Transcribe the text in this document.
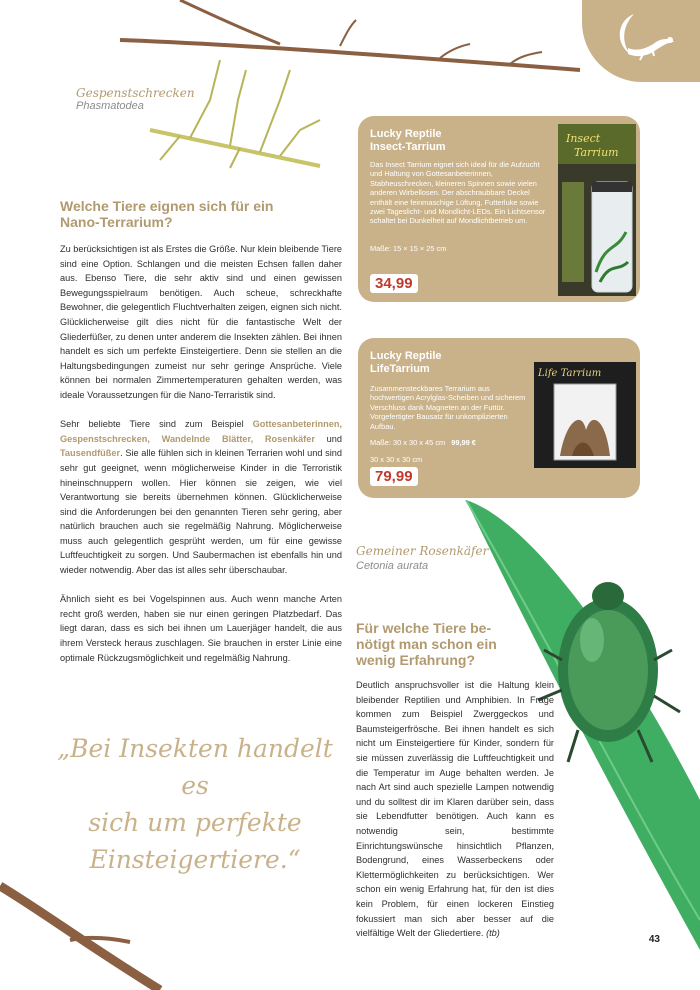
Gespenstschrecken
Phasmatodea
Welche Tiere eignen sich für ein
Nano-Terrarium?

Zu berücksichtigen ist als Erstes die Größe. Nur klein bleibende Tiere sind eine Option. Schlangen und die meisten Echsen fallen daher aus. Ebenso Tiere, die sehr aktiv sind und einen gewissen Bewegungsspielraum benötigen. Auch scheue, schreckhafte Bewohner, die gelegentlich Fluchtverhalten zeigen, eignen sich nicht. Glücklicherweise gilt dies nicht für die fantastische Welt der Gliederfüßer, zu denen unter anderem die Insekten zählen. Bei ihnen handelt es sich um perfekte Einsteigertiere. Denn sie stellen an die Haltungsbedingungen zumeist nur sehr geringe Ansprüche. Viele können bei normalen Zimmertemperaturen gehalten werden, was ideale Voraussetzungen für die Nano-Terraristik sind.

Sehr beliebte Tiere sind zum Beispiel Gottesanbeterinnen, Gespenstschrecken, Wandelnde Blätter, Rosenkäfer und Tausendfüßer. Sie alle fühlen sich in kleinen Terrarien wohl und sind sehr gut geeignet, wenn möglicherweise Kinder in die Terroristik hineinschnuppern wollen. Hier können sie zeigen, wie viel Verantwortung sie bereits übernehmen können. Glücklicherweise sind die Anforderungen bei den genannten Tieren sehr gering, aber natürlich brauchen auch sie regelmäßig Nahrung. Möglicherweise muss auch gelegentlich gesprüht werden, um für eine gewisse Luftfeuchtigkeit zu sorgen. Und Saubermachen ist ebenfalls hin und wieder notwendig. Aber das ist alles sehr überschaubar.

Ähnlich sieht es bei Vogelspinnen aus. Auch wenn manche Arten recht groß werden, haben sie nur einen geringen Platzbedarf. Das liegt daran, dass es sich bei ihnen um Lauerjäger handelt, die aus ihrem Versteck heraus zuschlagen. Sie brauchen in erster Linie eine optimale Rückzugsmöglichkeit und regelmäßig Nahrung.

„Bei Insekten handelt es
sich um perfekte
Einsteigertiere.“
Lucky Reptile
Insect-Tarrium
Das Insect Tarrium eignet sich ideal für die Aufzucht und Haltung von Gottesanbeterinnen, Stabheuschrecken, kleineren Spinnen sowie vielen anderen Wirbellosen. Der abschraubbare Deckel enthält eine feinmaschige Lüftung, Futterluke sowie zwei Tageslicht- und Mondlicht-LEDs. Ein Lichtsensor schaltet bei Dunkelheit auf Mondlichtbetrieb um.
Maße: 15 × 15 × 25 cm
34,99
Insect
Tarrium
Lucky Reptile
LifeTarrium
Zusammensteckbares Terrarium aus hochwertigen Acrylglas-Scheiben und sicherem Verschluss dank Magneten an der Futtür. Vorgefertigter Bausatz für unkomplizierten Aufbau.
Maße: 30 x 30 x 45 cm 99,99 €
30 x 30 x 30 cm
79,99
Life Tarrium
Gemeiner Rosenkäfer
Cetonia aurata
Für welche Tiere be-
nötigt man schon ein
wenig Erfahrung?
Deutlich anspruchsvoller ist die Haltung klein bleibender Reptilien und Amphibien. In Frage kommen zum Beispiel Zwerggeckos und Baumsteigerfrösche. Bei ihnen handelt es sich nicht um Einsteigertiere für Kinder, sondern für sie müssen zuverlässig die Luftfeuchtigkeit und die Temperatur im Auge behalten werden. Je nach Art sind auch spezielle Lampen notwendig und du solltest dir im Klaren darüber sein, dass sie Lebendfutter benötigen. Auch kann es notwendig sein, bestimmte Einrichtungswünsche hinsichtlich Pflanzen, Bodengrund, eines Wasserbeckens oder Klettermöglichkeiten zu berücksichtigen. Wer schon ein wenig Erfahrung hat, für den ist dies kein Problem, für einen lockeren Einstieg fokussiert man sich aber besser auf die vielfältige Welt der Gliedertiere. (tb)
43
